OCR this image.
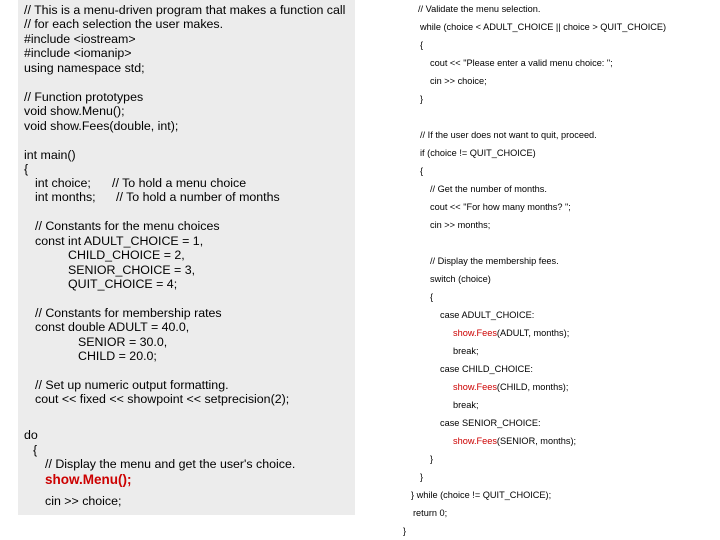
// This is a menu-driven program that makes a function call
// for each selection the user makes.
#include <iostream>
#include <iomanip>
using namespace std;
// Function prototypes
void show.Menu();
void show.Fees(double, int);
int main()
{
int choice; // To hold a menu choice
int months; // To hold a number of months
// Constants for the menu choices
const int ADULT_CHOICE = 1,
CHILD_CHOICE = 2,
SENIOR_CHOICE = 3,
QUIT_CHOICE = 4;
// Constants for membership rates
const double ADULT = 40.0,
SENIOR = 30.0,
CHILD = 20.0;
// Set up numeric output formatting.
cout << fixed << showpoint << setprecision(2);
do
{
// Display the menu and get the user's choice.
show.Menu();
cin >> choice;
// Validate the menu selection.
while (choice < ADULT_CHOICE || choice > QUIT_CHOICE)
{
cout << "Please enter a valid menu choice: ";
cin >> choice;
}
// If the user does not want to quit, proceed.
if (choice != QUIT_CHOICE)
{
// Get the number of months.
cout << "For how many months? ";
cin >> months;
// Display the membership fees.
switch (choice)
{
case ADULT_CHOICE:
show.Fees(ADULT, months);
break;
case CHILD_CHOICE:
show.Fees(CHILD, months);
break;
case SENIOR_CHOICE:
show.Fees(SENIOR, months);
}
}
} while (choice != QUIT_CHOICE);
return 0;
}
